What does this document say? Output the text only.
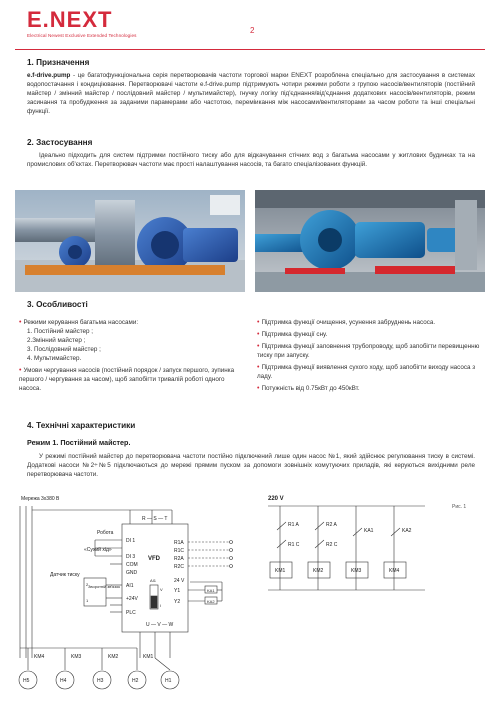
E.NEXT
Electrical Newest Exclusive Extended Technologies
2
1. Призначення
e.f-drive.pump - це багатофункціональна серія перетворювачів частоти торгової марки ENEXT розроблена спеціально для застосування в системах водопостачання і кондиціювання. Перетворювачі частоти e.f-drive.pump підтримують чотири режими роботи з групою насосів/вентиляторів (постійний майстер / змінний майстер / послідовний майстер / мультимайстер), гнучку логіку під'єднання/від'єднання додаткових насосів/вентиляторів, режим засинання та пробудження за заданими парамерами або частотою, переміикання між насосами/вентиляторами за часом роботи та інші спеціальні функції.
2. Застосування
Ідеально підходить для систем підтримки постійного тиску або для відкачування стічних вод з багатьма насосами у житлових будинках та на промислових об'єктах. Перетворювач частоти має прості налаштування насосів, та багато спеціалізованих функцій.
3. Особливості
• Режими керування багатьма насосами:
1. Постійний майстер ;
2.Змінний майстер ;
3. Послідовний майстер ;
4. Мультимайстер.
• Умови чергування насосів (постійний порядок / запуск першого, зупинка першого / чергування за часом), щоб запобігти тривалій роботі одного насоса.
• Підтримка функції очищення, усунення забруднень насоса.
• Підтримка функції сну.
• Підтримка функції заповнення трубопроводу, щоб запобігти перевищенню тиску при запуску.
• Підтримка функції виявлення сухого ходу, щоб запобігти виходу насоса з ладу.
• Потужність від 0.75кВт до 450кВт.
4. Технічні характеристики
Режим 1. Постійний майстер.
У режимі постійний майстер до перетворювача частоти постійно підключений лише один насос №1, який здійснює регулювання тиску в системі. Додаткові насоси №2÷№5 підключаються до мережі прямим пуском за допомоги зовнішніх комутуючих приладів, які керуються вихідними реле перетворювача частоти.
Мережа 3x380 В
R — S — T
VFD
DI 1
DI 3
COM
GND
AI1
+24V
PLC
R1A
R1C
R2A
R2C
24 V
Y1
Y2
KA1
KA2
AI1
V
I
Робота
«Сухий хід»
Датчик тиску
Зворотній зв'язок
2
1
U — V — W
KM4	KM3	KM2	KM1
H5	H4	H3	H2	H1
220 V
Рис. 1
R1 A	R2 A
KA1	KA2
R1 C	R2 C
KM1	KM2	KM3	KM4
